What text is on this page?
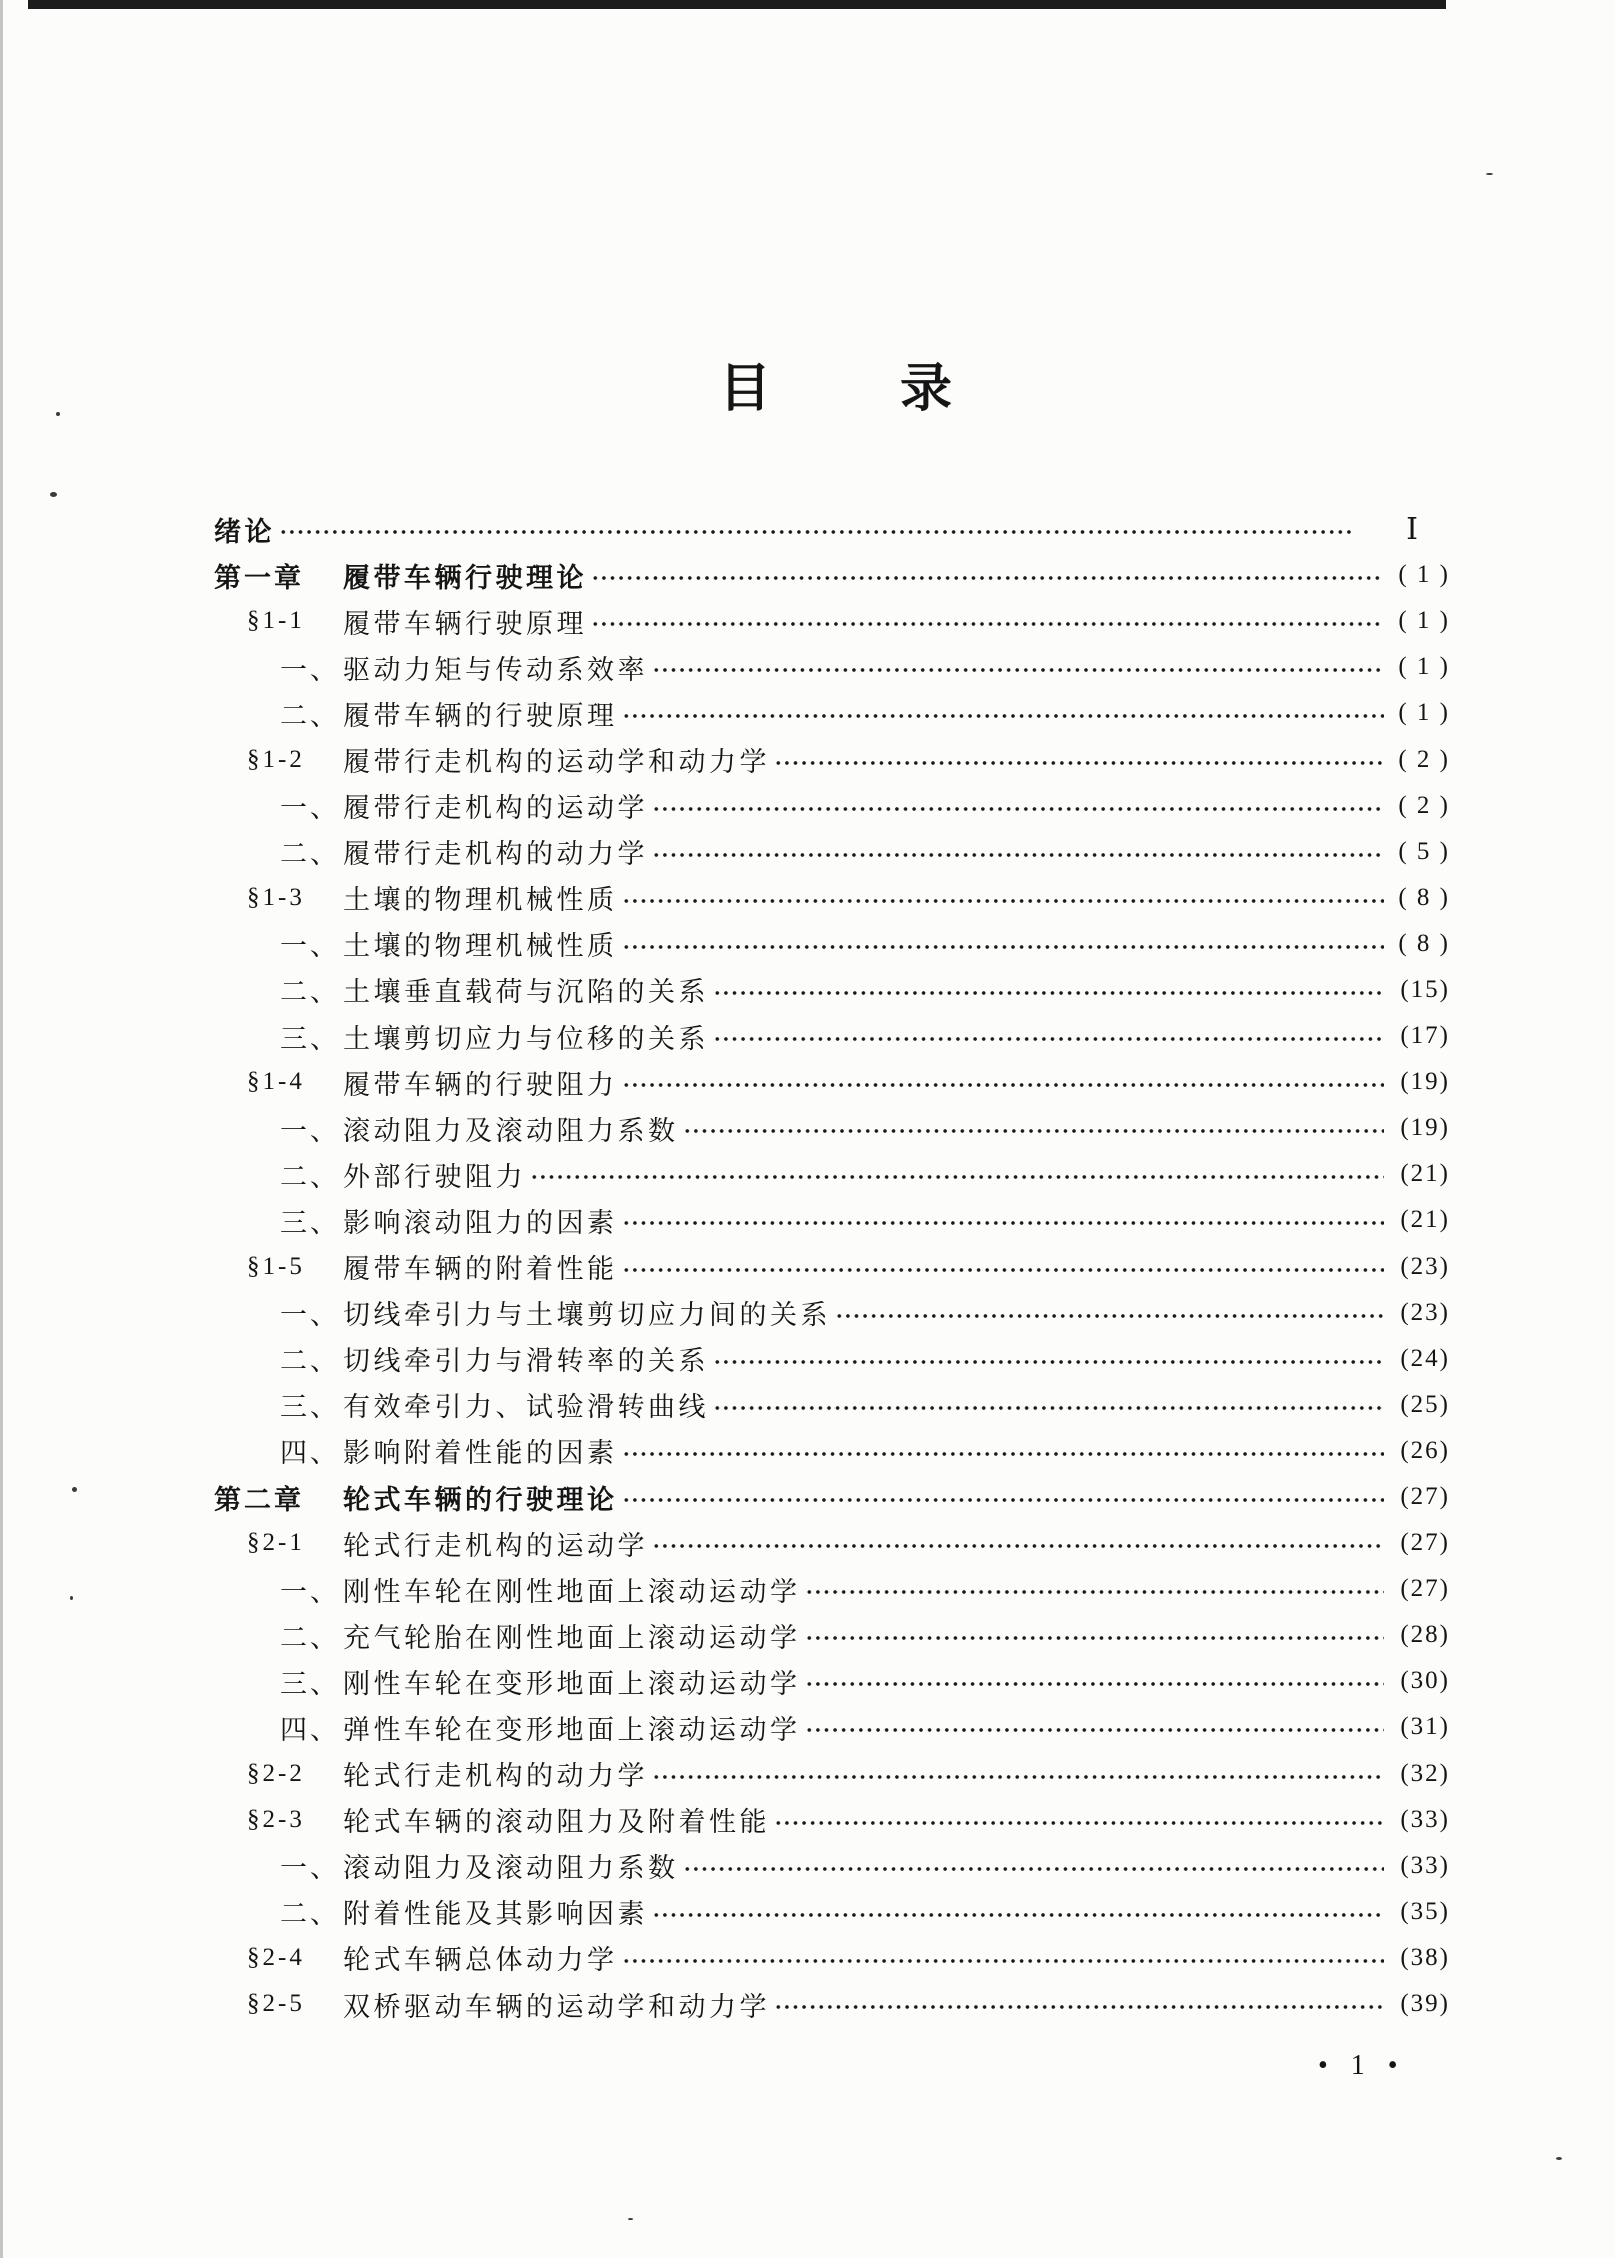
目录
绪论	Ⅰ
第一章	履带车辆行驶理论	( 1 )
§1-1	履带车辆行驶原理	( 1 )
一、 驱动力矩与传动系效率	( 1 )
二、 履带车辆的行驶原理	( 1 )
§1-2	履带行走机构的运动学和动力学	( 2 )
一、 履带行走机构的运动学	( 2 )
二、 履带行走机构的动力学	( 5 )
§1-3	土壤的物理机械性质	( 8 )
一、 土壤的物理机械性质	( 8 )
二、 土壤垂直载荷与沉陷的关系	(15)
三、 土壤剪切应力与位移的关系	(17)
§1-4	履带车辆的行驶阻力	(19)
一、 滚动阻力及滚动阻力系数	(19)
二、 外部行驶阻力	(21)
三、 影响滚动阻力的因素	(21)
§1-5	履带车辆的附着性能	(23)
一、 切线牵引力与土壤剪切应力间的关系	(23)
二、 切线牵引力与滑转率的关系	(24)
三、 有效牵引力、试验滑转曲线	(25)
四、 影响附着性能的因素	(26)
第二章	轮式车辆的行驶理论	(27)
§2-1	轮式行走机构的运动学	(27)
一、 刚性车轮在刚性地面上滚动运动学	(27)
二、 充气轮胎在刚性地面上滚动运动学	(28)
三、 刚性车轮在变形地面上滚动运动学	(30)
四、 弹性车轮在变形地面上滚动运动学	(31)
§2-2	轮式行走机构的动力学	(32)
§2-3	轮式车辆的滚动阻力及附着性能	(33)
一、 滚动阻力及滚动阻力系数	(33)
二、 附着性能及其影响因素	(35)
§2-4	轮式车辆总体动力学	(38)
§2-5	双桥驱动车辆的运动学和动力学	(39)
• 1 •
